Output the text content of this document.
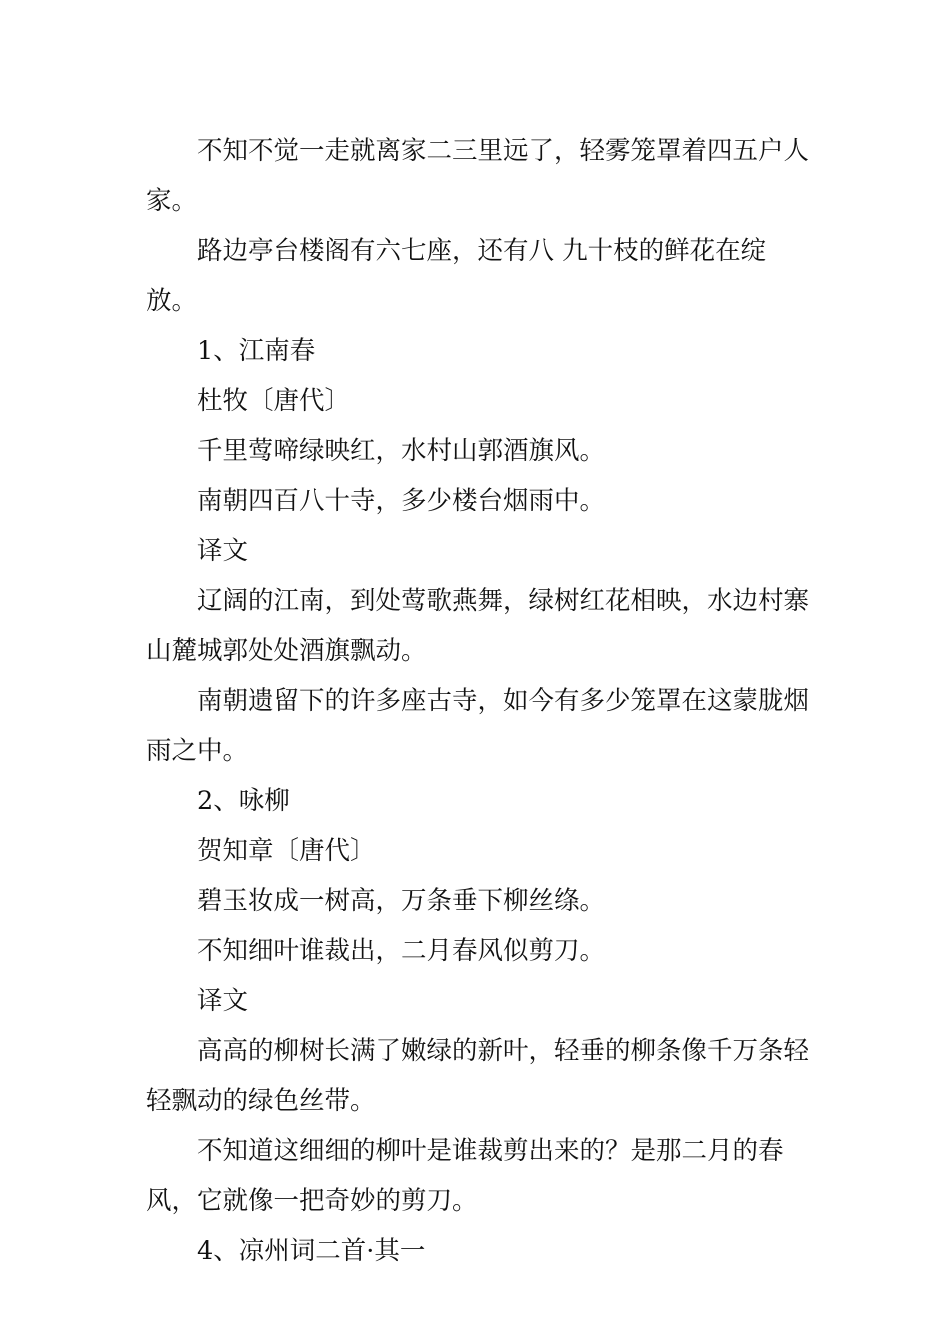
不知不觉一走就离家二三里远了，轻雾笼罩着四五户人家。

路边亭台楼阁有六七座，还有八 九十枝的鲜花在绽放。

1、江南春

杜牧〔唐代〕

千里莺啼绿映红，水村山郭酒旗风。

南朝四百八十寺，多少楼台烟雨中。

译文

辽阔的江南，到处莺歌燕舞，绿树红花相映，水边村寨山麓城郭处处酒旗飘动。

南朝遗留下的许多座古寺，如今有多少笼罩在这蒙胧烟雨之中。

2、咏柳

贺知章〔唐代〕

碧玉妆成一树高，万条垂下柳丝绦。

不知细叶谁裁出，二月春风似剪刀。

译文

高高的柳树长满了嫩绿的新叶，轻垂的柳条像千万条轻轻飘动的绿色丝带。

不知道这细细的柳叶是谁裁剪出来的？是那二月的春风，它就像一把奇妙的剪刀。

4、凉州词二首·其一
